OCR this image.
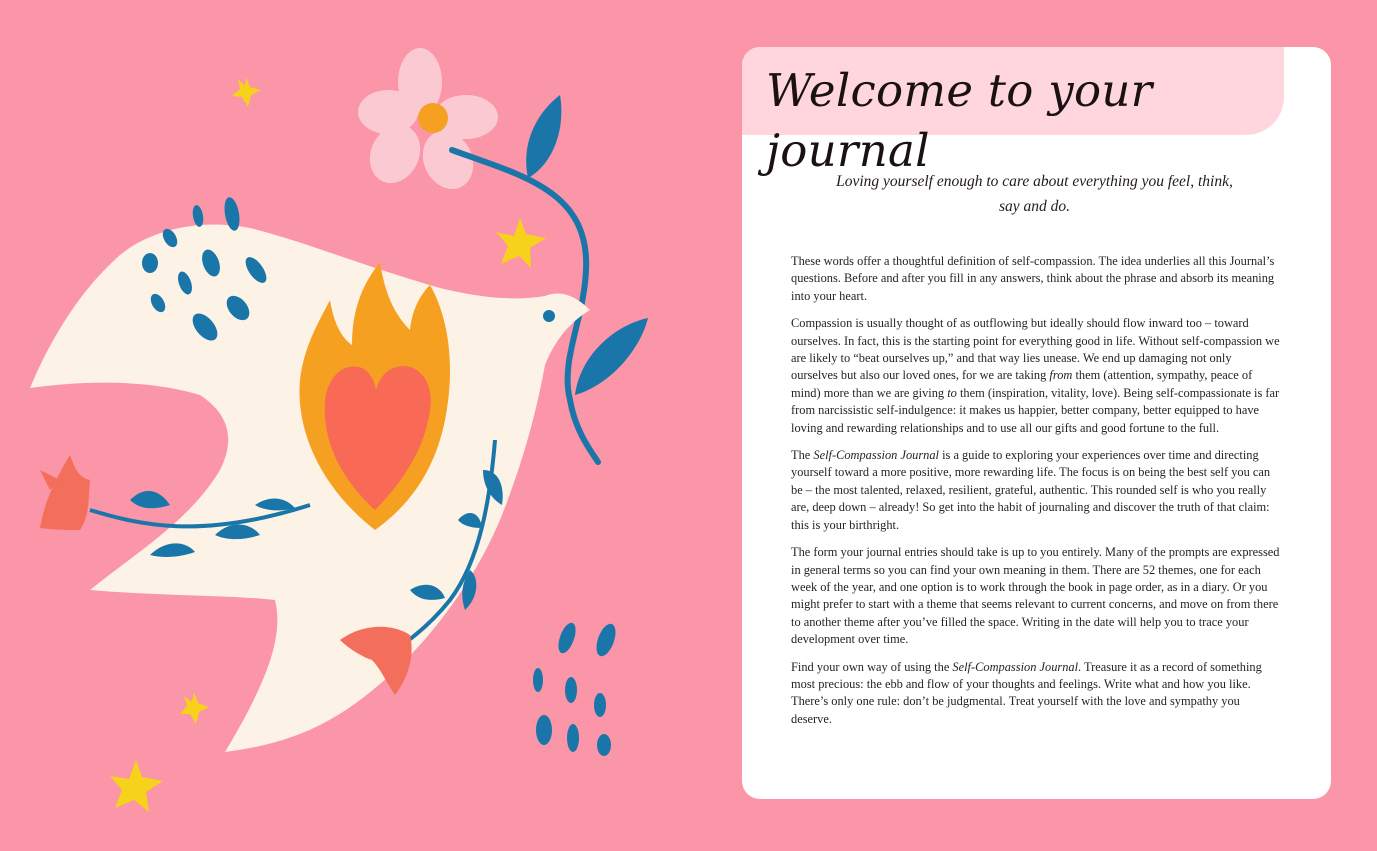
Welcome to your journal

Loving yourself enough to care about everything you feel, think, say and do.

These words offer a thoughtful definition of self-compassion. The idea underlies all this Journal’s questions. Before and after you fill in any answers, think about the phrase and absorb its meaning into your heart.

Compassion is usually thought of as outflowing but ideally should flow inward too – toward ourselves. In fact, this is the starting point for everything good in life. Without self-compassion we are likely to “beat ourselves up,” and that way lies unease. We end up damaging not only ourselves but also our loved ones, for we are taking from them (attention, sympathy, peace of mind) more than we are giving to them (inspiration, vitality, love). Being self-compassionate is far from narcissistic self-indulgence: it makes us happier, better company, better equipped to have loving and rewarding relationships and to use all our gifts and good fortune to the full.

The Self-Compassion Journal is a guide to exploring your experiences over time and directing yourself toward a more positive, more rewarding life. The focus is on being the best self you can be – the most talented, relaxed, resilient, grateful, authentic. This rounded self is who you really are, deep down – already! So get into the habit of journaling and discover the truth of that claim: this is your birthright.

The form your journal entries should take is up to you entirely. Many of the prompts are expressed in general terms so you can find your own meaning in them. There are 52 themes, one for each week of the year, and one option is to work through the book in page order, as in a diary. Or you might prefer to start with a theme that seems relevant to current concerns, and move on from there to another theme after you’ve filled the space. Writing in the date will help you to trace your development over time.

Find your own way of using the Self-Compassion Journal. Treasure it as a record of something most precious: the ebb and flow of your thoughts and feelings. Write what and how you like. There’s only one rule: don’t be judgmental. Treat yourself with the love and sympathy you deserve.
